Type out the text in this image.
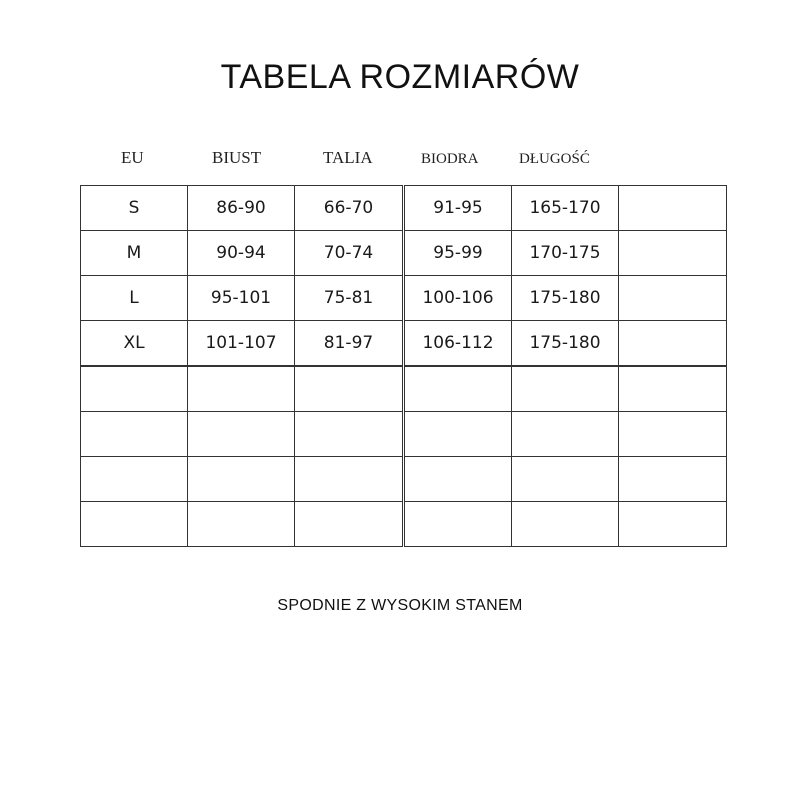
TABELA ROZMIARÓW
EU	BIUST	TALIA	BIODRA	DŁUGOŚĆ
S	86-90	66-70	91-95	165-170	
M	90-94	70-74	95-99	170-175	
L	95-101	75-81	100-106	175-180	
XL	101-107	81-97	106-112	175-180	

SPODNIE Z WYSOKIM STANEM
